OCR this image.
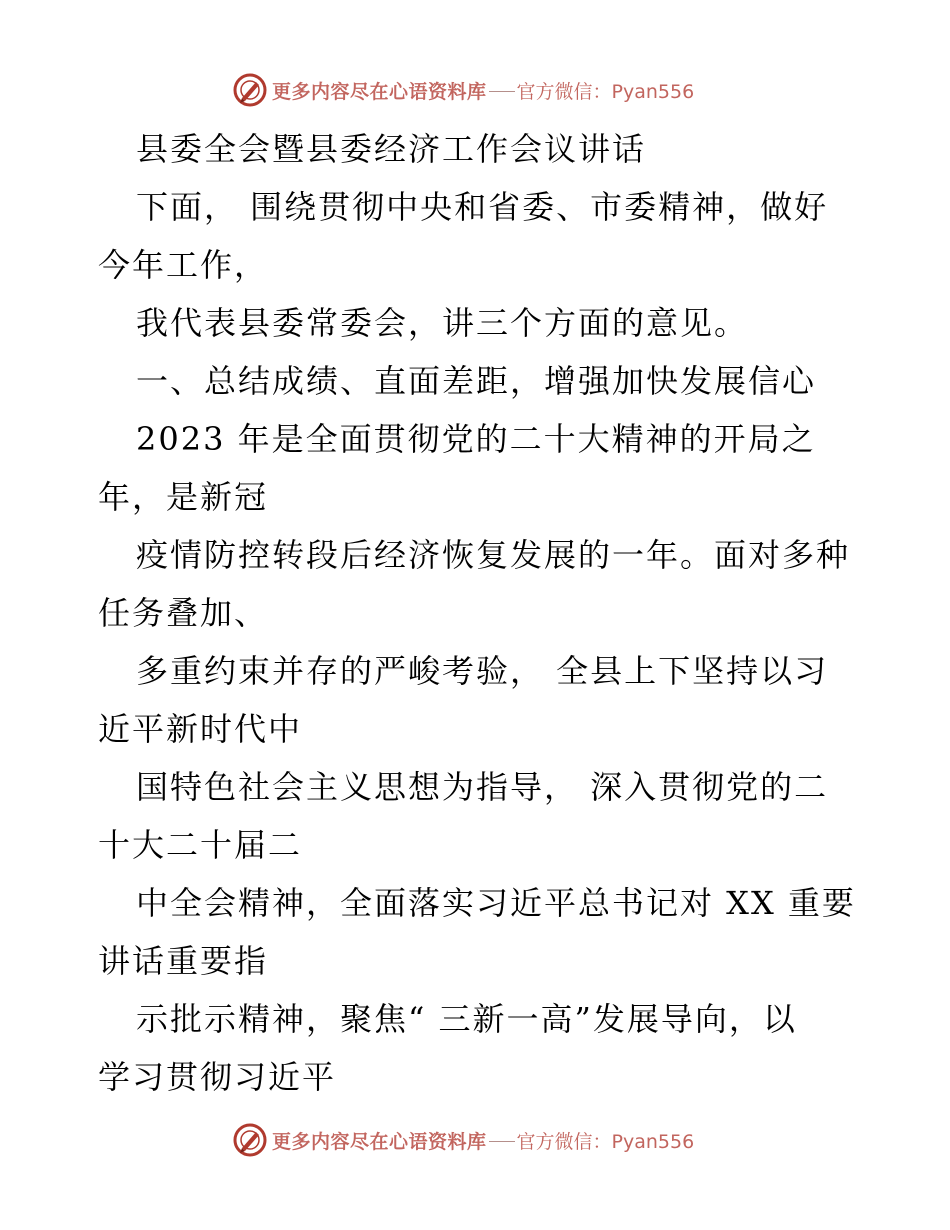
更多内容尽在心语资料库 官方微信：Pyan556

县委全会暨县委经济工作会议讲话

下面， 围绕贯彻中央和省委、市委精神，做好

今年工作，

我代表县委常委会，讲三个方面的意见。

一、总结成绩、直面差距，增强加快发展信心

2023 年是全面贯彻党的二十大精神的开局之

年，是新冠

疫情防控转段后经济恢复发展的一年。面对多种

任务叠加、

多重约束并存的严峻考验， 全县上下坚持以习

近平新时代中

国特色社会主义思想为指导， 深入贯彻党的二

十大二十届二

中全会精神，全面落实习近平总书记对 XX 重要

讲话重要指

示批示精神，聚焦“ 三新一高”发展导向，以

学习贯彻习近平

更多内容尽在心语资料库 官方微信：Pyan556
